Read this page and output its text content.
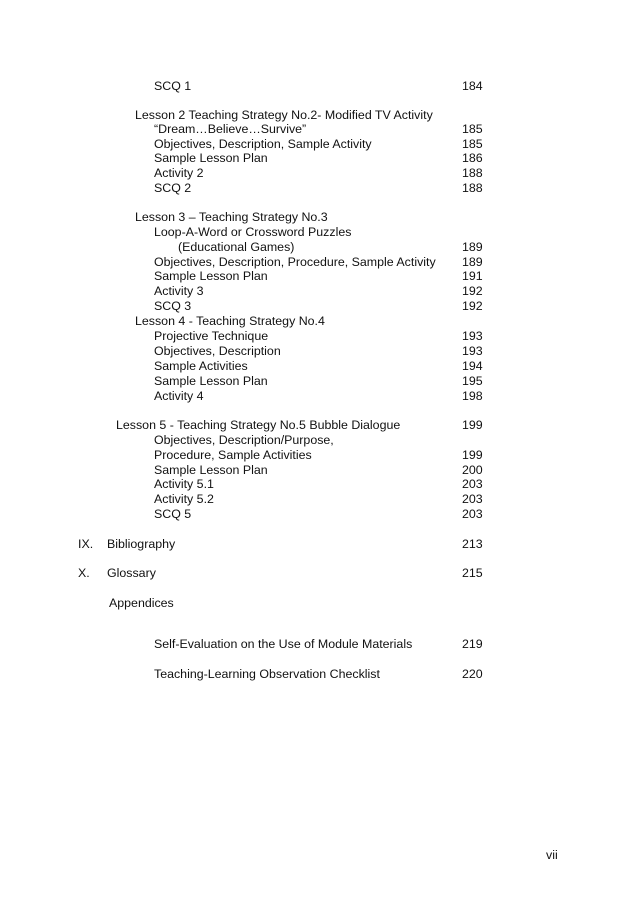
SCQ 1	184
Lesson 2 Teaching Strategy No.2- Modified TV Activity
“Dream…Believe…Survive”	185
Objectives, Description, Sample Activity	185
Sample Lesson Plan	186
Activity 2	188
SCQ 2	188
Lesson 3 – Teaching Strategy No.3
Loop-A-Word or Crossword Puzzles
(Educational Games)	189
Objectives, Description, Procedure, Sample Activity 189
Sample Lesson Plan	191
Activity 3	192
SCQ 3	192
Lesson 4 - Teaching Strategy No.4
Projective Technique	193
Objectives, Description	193
Sample Activities	194
Sample Lesson Plan	195
Activity 4	198
Lesson 5 - Teaching Strategy No.5 Bubble Dialogue	199
Objectives, Description/Purpose,
Procedure, Sample Activities	199
Sample Lesson Plan	200
Activity 5.1	203
Activity 5.2	203
SCQ 5	203
IX. Bibliography	213
X. Glossary	215
Appendices
Self-Evaluation on the Use of Module Materials	219
Teaching-Learning Observation Checklist	220
vii
